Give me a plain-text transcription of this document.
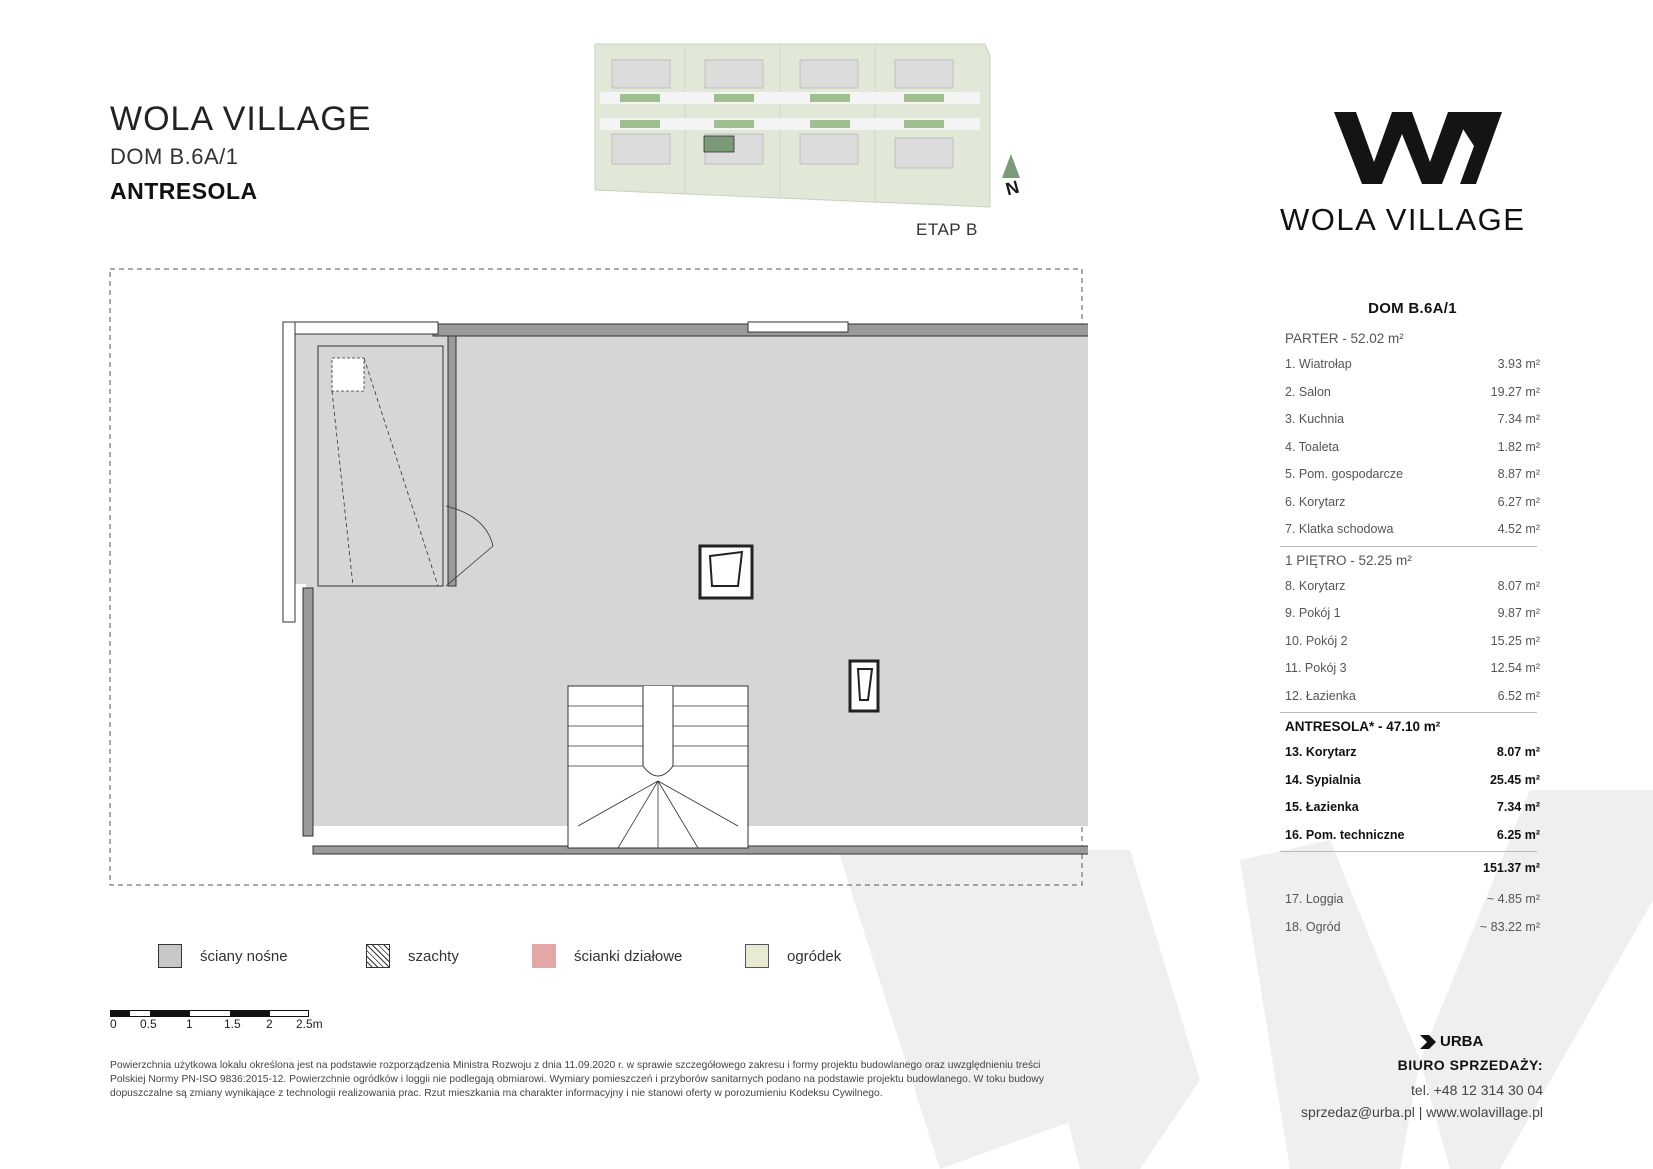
WOLA VILLAGE
DOM B.6A/1
ANTRESOLA	N
ETAP B	WOLA VILLAGE
DOM B.6A/1
PARTER - 52.02 m²
1. Wiatrołap	3.93 m²
2. Salon	19.27 m²
3. Kuchnia	7.34 m²
4. Toaleta	1.82 m²
5. Pom. gospodarcze	8.87 m²
6. Korytarz	6.27 m²
7. Klatka schodowa	4.52 m²
1 PIĘTRO - 52.25 m²
8. Korytarz	8.07 m²
9. Pokój 1	9.87 m²
10. Pokój 2	15.25 m²
11. Pokój 3	12.54 m²
12. Łazienka	6.52 m²
ANTRESOLA* - 47.10 m²
13. Korytarz	8.07 m²
14. Sypialnia	25.45 m²
15. Łazienka	7.34 m²
16. Pom. techniczne	6.25 m²
151.37 m²
17. Loggia	~ 4.85 m²
18. Ogród	~ 83.22 m²
ściany nośne	szachty	ścianki działowe	ogródek
0 0.5 1	1.5 2 2.5m
Powierzchnia użytkowa lokalu określona jest na podstawie rozporządzenia Ministra Rozwoju z dnia 11.09.2020 r. w sprawie szczegółowego zakresu i formy projektu budowlanego oraz uwzględnieniu treści Polskiej Normy PN-ISO 9836:2015-12. Powierzchnie ogródków i loggii nie podlegają obmiarowi. Wymiary pomieszczeń i przyborów sanitarnych podano na podstawie projektu budowlanego. W toku budowy dopuszczalne są zmiany wynikające z technologii realizowania prac. Rzut mieszkania ma charakter informacyjny i nie stanowi oferty w porozumieniu Kodeksu Cywilnego.
URBA
BIURO SPRZEDAŻY:
tel. +48 12 314 30 04
sprzedaz@urba.pl | www.wolavillage.pl
